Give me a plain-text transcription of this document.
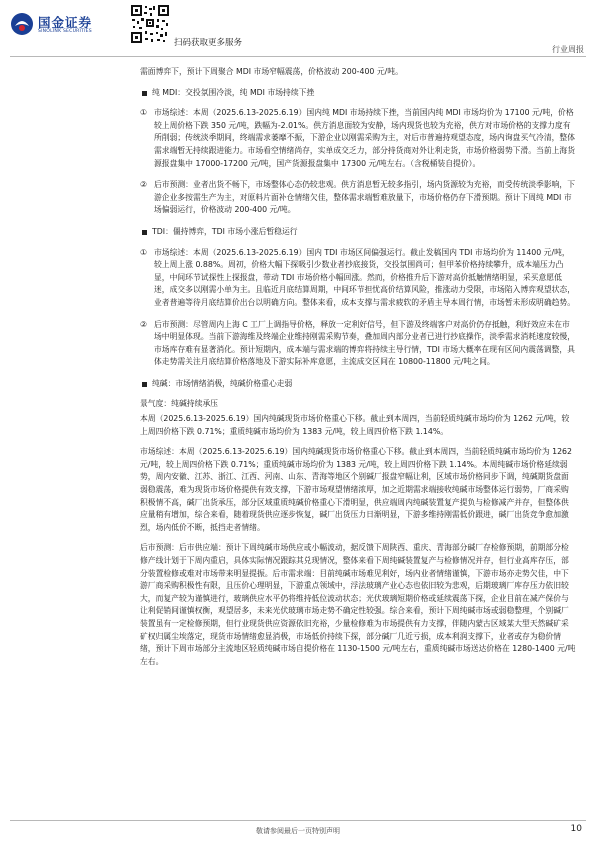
国金证券
SINOLINK SECURITIES
扫码获取更多服务
行业周报

需面博弈下，预计下周聚合 MDI 市场窄幅震荡，价格波动 200-400 元/吨。

纯 MDI：交投氛围冷淡，纯 MDI 市场持续下挫

① 市场综述：本周（2025.6.13-2025.6.19）国内纯 MDI 市场持续下挫，当前国内纯 MDI 市场均价为 17100 元/吨，价格较上周价格下跌 350 元/吨，跌幅为-2.01%。供方消息面较为安静，场内现货也较为充裕，供方对市场价格的支撑力度有所削弱；传统淡季期间，终端需求萎靡不振，下游企业以刚需采购为主，对后市普遍持观望态度，场内询盘买气冷清，整体需求端暂无持续跟进能力。市场看空情绪尚存，实单成交乏力，部分持货商对外让利走货，市场价格弱势下滑。当前上海货源报盘集中 17000-17200 元/吨，国产货源报盘集中 17300 元/吨左右。（含税桶装自提价）。

② 后市预测：业者出货不畅下，市场整体心态仍较悲观。供方消息暂无较多指引，场内货源较为充裕，而受传统淡季影响，下游企业多按需生产为主，对原料片面补仓情绪欠佳，整体需求端暂难放量下，市场价格仍存下滑预期。预计下周纯 MDI 市场偏弱运行，价格波动 200-400 元/吨。

TDI：僵持博弈，TDI 市场小涨后暂稳运行

① 市场综述：本周（2025.6.13-2025.6.19）国内 TDI 市场区间偏强运行。截止发稿国内 TDI 市场均价为 11400 元/吨，较上周上涨 0.88%。周初，价格大幅下探吸引少数业者抄底接货，交投氛围尚可；但甲苯价格持续攀升，成本端压力凸显，中间环节试探性上探报盘，带动 TDI 市场价格小幅回涨。然而，价格推升后下游对高价抵触情绪明显，采买意愿低迷，成交多以刚需小单为主。且临近月底结算周期，中间环节担忧高价结算风险，推涨动力受限，市场陷入博弈观望状态，业者普遍等待月底结算价出台以明确方向。整体来看，成本支撑与需求疲软的矛盾主导本周行情，市场暂未形成明确趋势。

② 后市预测：尽管周内上海 C 工厂上调指导价格，释放一定利好信号，但下游及终端客户对高价仍存抵触，利好效应未在市场中明显体现。当前下游海维及终端企业维持刚需采购节奏，叠加周内部分业者已进行抄底操作，淡季需求消耗速度较慢，市场库存难有显著消化。预计短期内，成本端与需求端的博弈将持续主导行情，TDI 市场大概率在现有区间内震荡调整，具体走势需关注月底结算价格落地及下游实际补库意愿，主流成交区间在 10800-11800 元/吨之间。

纯碱：市场情绪消极，纯碱价格重心走弱

景气度：纯碱持续承压

本周（2025.6.13-2025.6.19）国内纯碱现货市场价格重心下移。截止到本周四，当前轻质纯碱市场均价为 1262 元/吨，较上周四价格下跌 0.71%；重质纯碱市场均价为 1383 元/吨，较上周四价格下跌 1.14%。

市场综述：本周（2025.6.13-2025.6.19）国内纯碱现货市场价格重心下移。截止到本周四，当前轻质纯碱市场均价为 1262 元/吨，较上周四价格下跌 0.71%；重质纯碱市场均价为 1383 元/吨，较上周四价格下跌 1.14%。本周纯碱市场价格延续弱势，周内安徽、江苏、浙江、江西、河南、山东、青海等地区个别碱厂报盘窄幅让利，区域市场价格同步下调，纯碱期货盘面弱稳震荡，难为现货市场价格提供有效支撑，下游市场观望情绪浓厚，加之近期需求端接收纯碱市场整体运行弱势，厂商采购积极情不高，碱厂出货承压，部分区域重质纯碱价格重心下滑明显，供应端周内纯碱装置复产提负与检修减产并存，但整体供应量稍有增加，综合来看，随着现货供应逐步恢复，碱厂出货压力日渐明显，下游多维持刚需低价跟进，碱厂出货竞争愈加激烈，场内低价不断，抵挡走者情绪。

后市预测：后市供应端：预计下周纯碱市场供应或小幅波动，据反馈下周陕西、重庆、青海部分碱厂存检修预期，前期部分检修产线计划于下周内重启，具体实际情况跟踪其兑现情况，整体来看下周纯碱装置复产与检修情况并存，但行业高库存压，部分装置检修或难对市场带来明显提振。后市需求端：目前纯碱市场难见利好，场内业者情绪谨慎，下游市场亦走势欠佳，中下游厂商采购积极性有限，且压价心理明显，下游重点领域中，浮法玻璃产业心态也依旧较为悲观，后期玻璃厂库存压力依旧较大，而复产较为谨慎进行，玻璃供应水平仍将维持低位波动状态；光伏玻璃短期价格或延续震荡下探，企业目前在减产保价与让利促销间谨慎权衡，观望居多，未来光伏玻璃市场走势不确定性较强。综合来看，预计下周纯碱市场或弱稳整理，个别碱厂装置虽有一定检修预期，但行业现货供应资源依旧充裕，少量检修难为市场提供有力支撑，伴随内蒙古区域某大型天然碱矿采矿权归属尘埃落定，现货市场情绪愈显消极，市场低价持续下探，部分碱厂几近亏损，成本利润支撑下，业者或存为稳价情绪，预计下周市场部分主流地区轻质纯碱市场自提价格在 1130-1500 元/吨左右，重质纯碱市场送达价格在 1280-1400 元/吨左右。

敬请参阅最后一页特别声明	10
